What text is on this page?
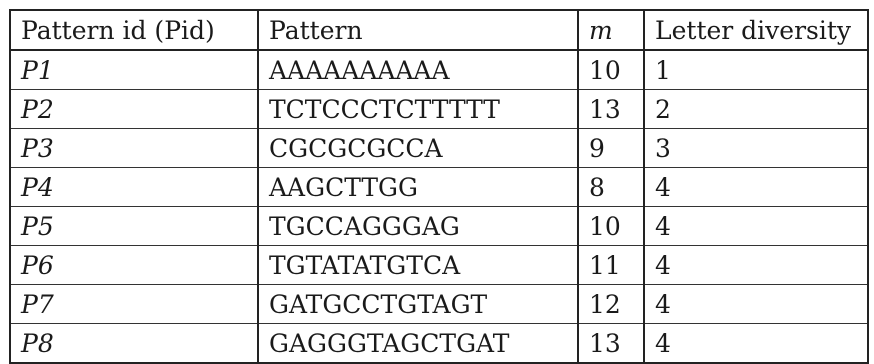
Pattern id (Pid)	Pattern	m	Letter diversity
P1	AAAAAAAAAA	10	1
P2	TCTCCCTCTTTTT	13	2
P3	CGCGCGCCA	9	3
P4	AAGCTTGG	8	4
P5	TGCCAGGGAG	10	4
P6	TGTATATGTCA	11	4
P7	GATGCCTGTAGT	12	4
P8	GAGGGTAGCTGAT	13	4
